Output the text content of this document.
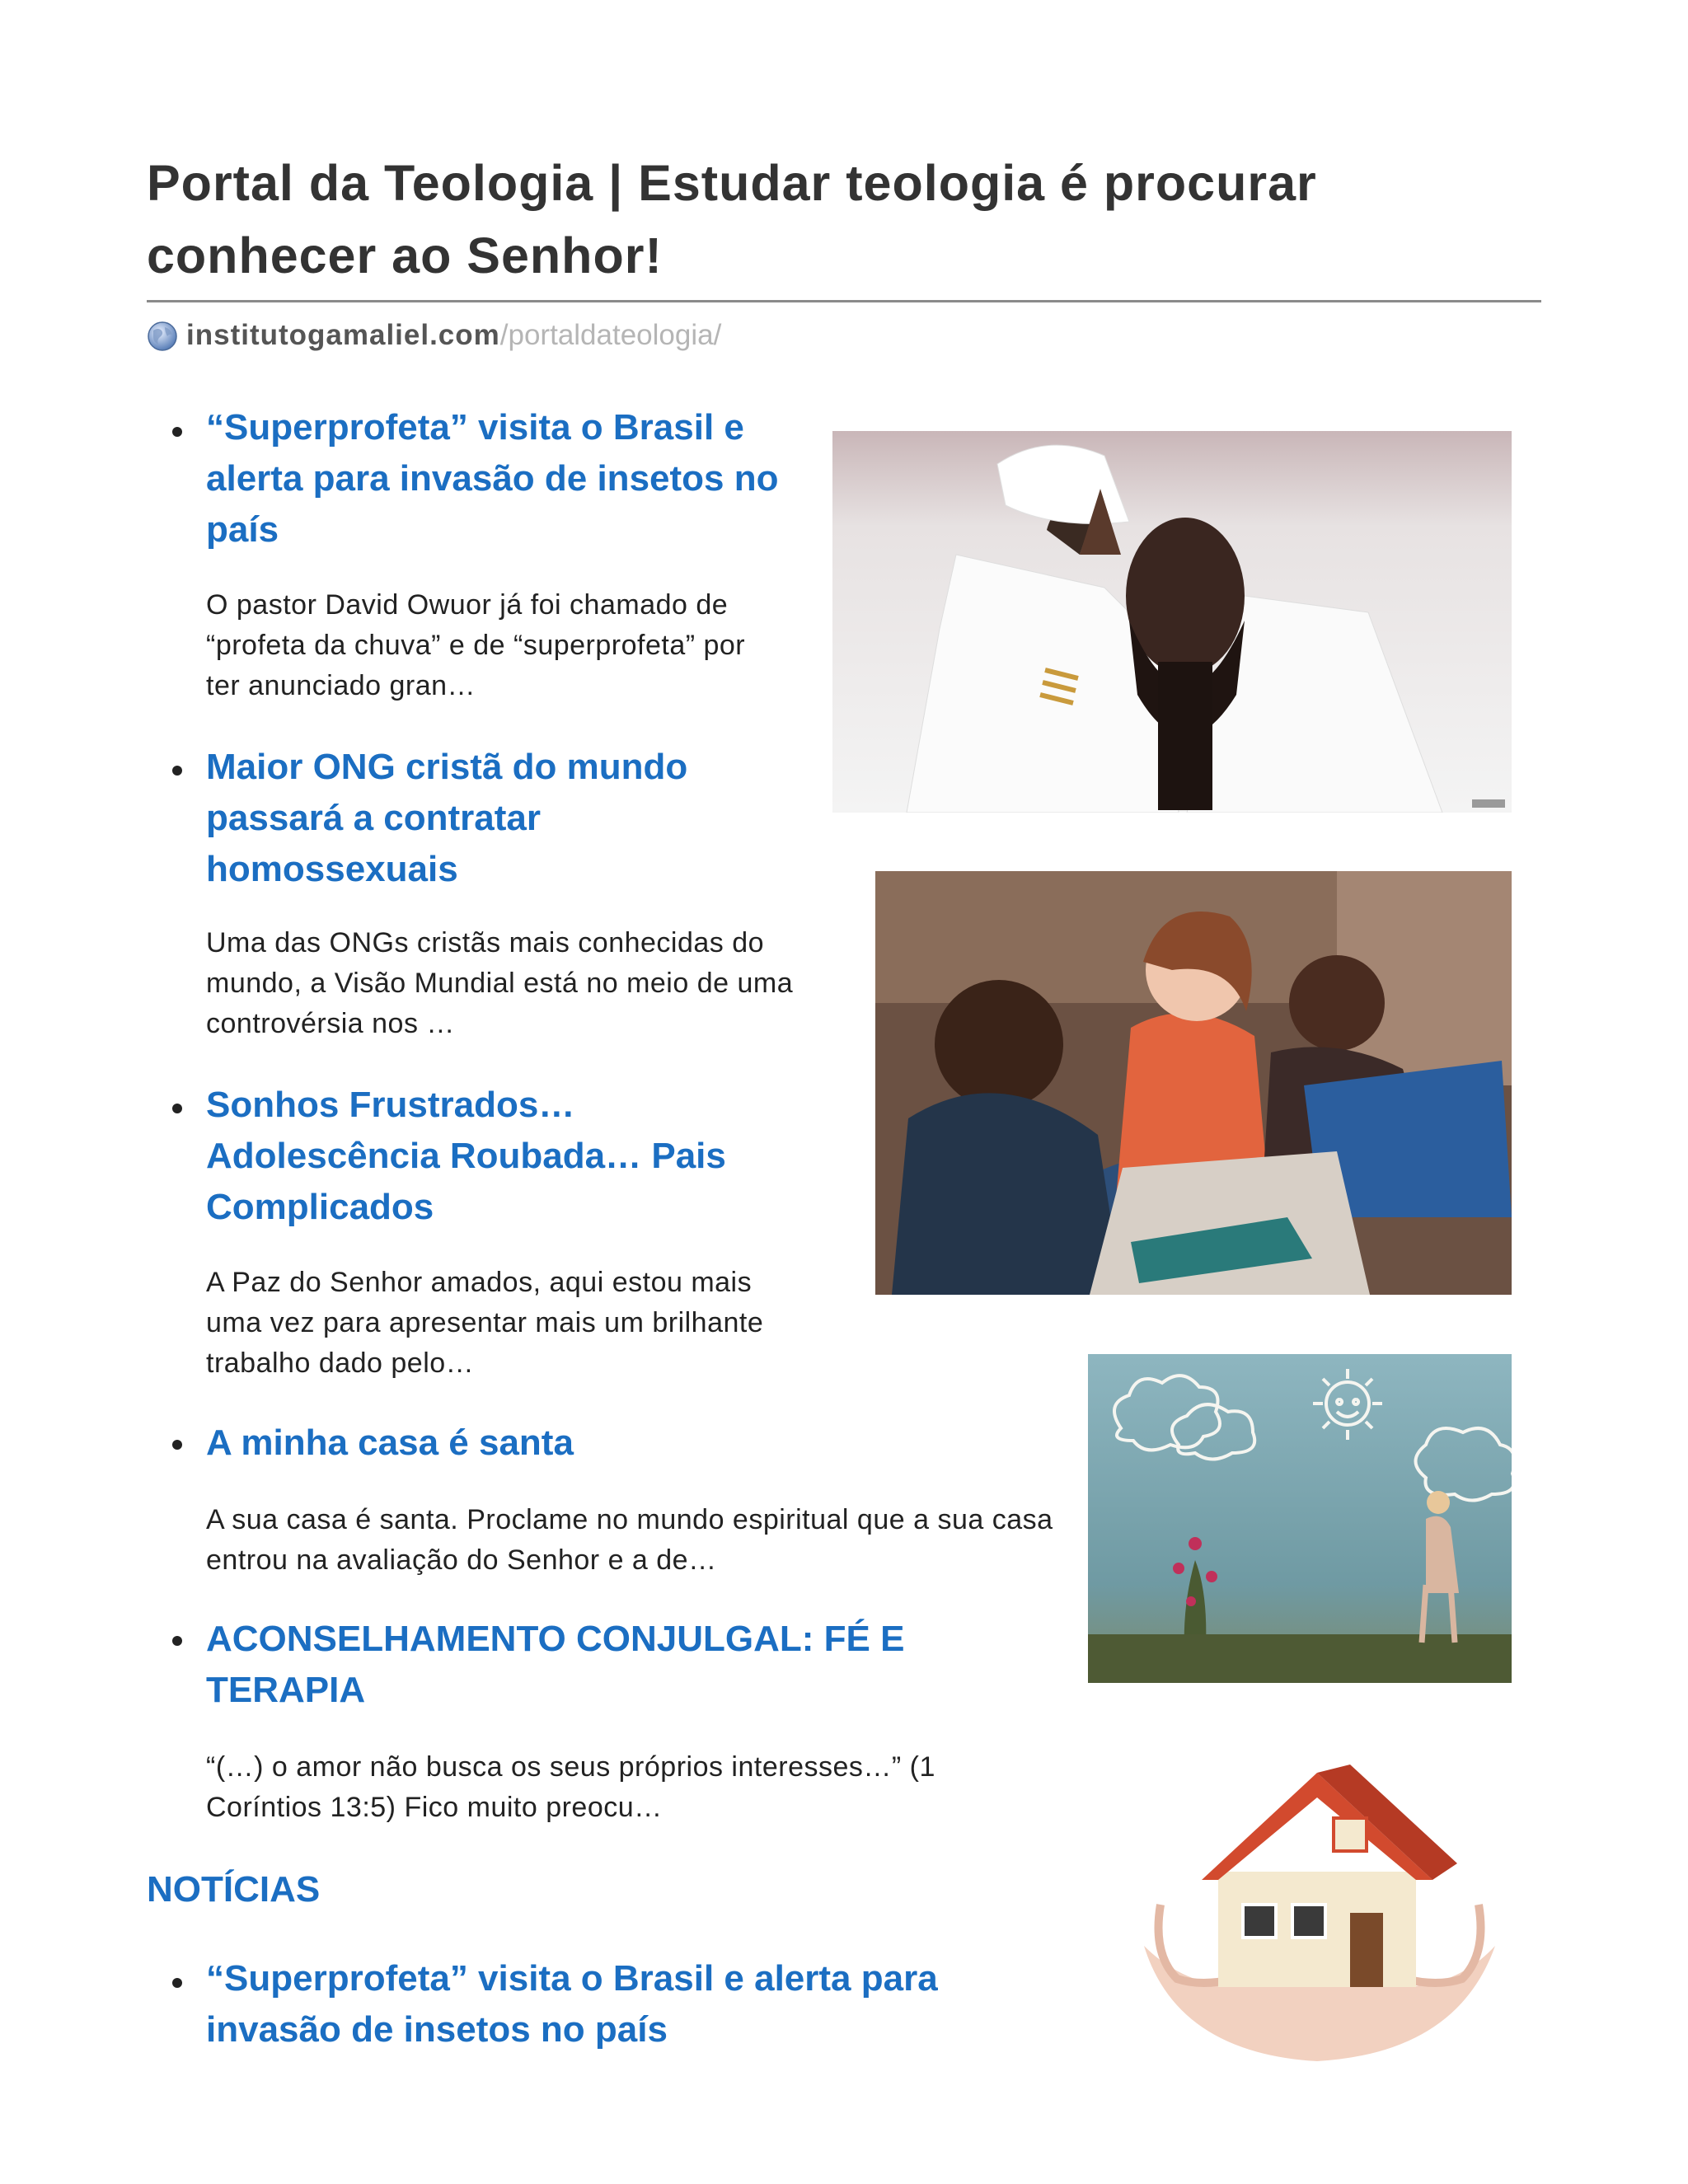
Portal da Teologia | Estudar teologia é procurar conhecer ao Senhor!
institutogamaliel.com/portaldateologia/
“Superprofeta” visita o Brasil e alerta para invasão de insetos no país

O pastor David Owuor já foi chamado de “profeta da chuva” e de “superprofeta” por ter anunciado gran…

Maior ONG cristã do mundo passará a contratar homossexuais

Uma das ONGs cristãs mais conhecidas do mundo, a Visão Mundial está no meio de uma controvérsia nos …

Sonhos Frustrados… Adolescência Roubada… Pais Complicados

A Paz do Senhor amados, aqui estou mais uma vez para apresentar mais um brilhante trabalho dado pelo…

A minha casa é santa

A sua casa é santa. Proclame no mundo espiritual que a sua casa entrou na avaliação do Senhor e a de…

ACONSELHAMENTO CONJULGAL: FÉ E TERAPIA

“(…) o amor não busca os seus próprios interesses…” (1 Coríntios 13:5) Fico muito preocu…

NOTÍCIAS
“Superprofeta” visita o Brasil e alerta para invasão de insetos no país
